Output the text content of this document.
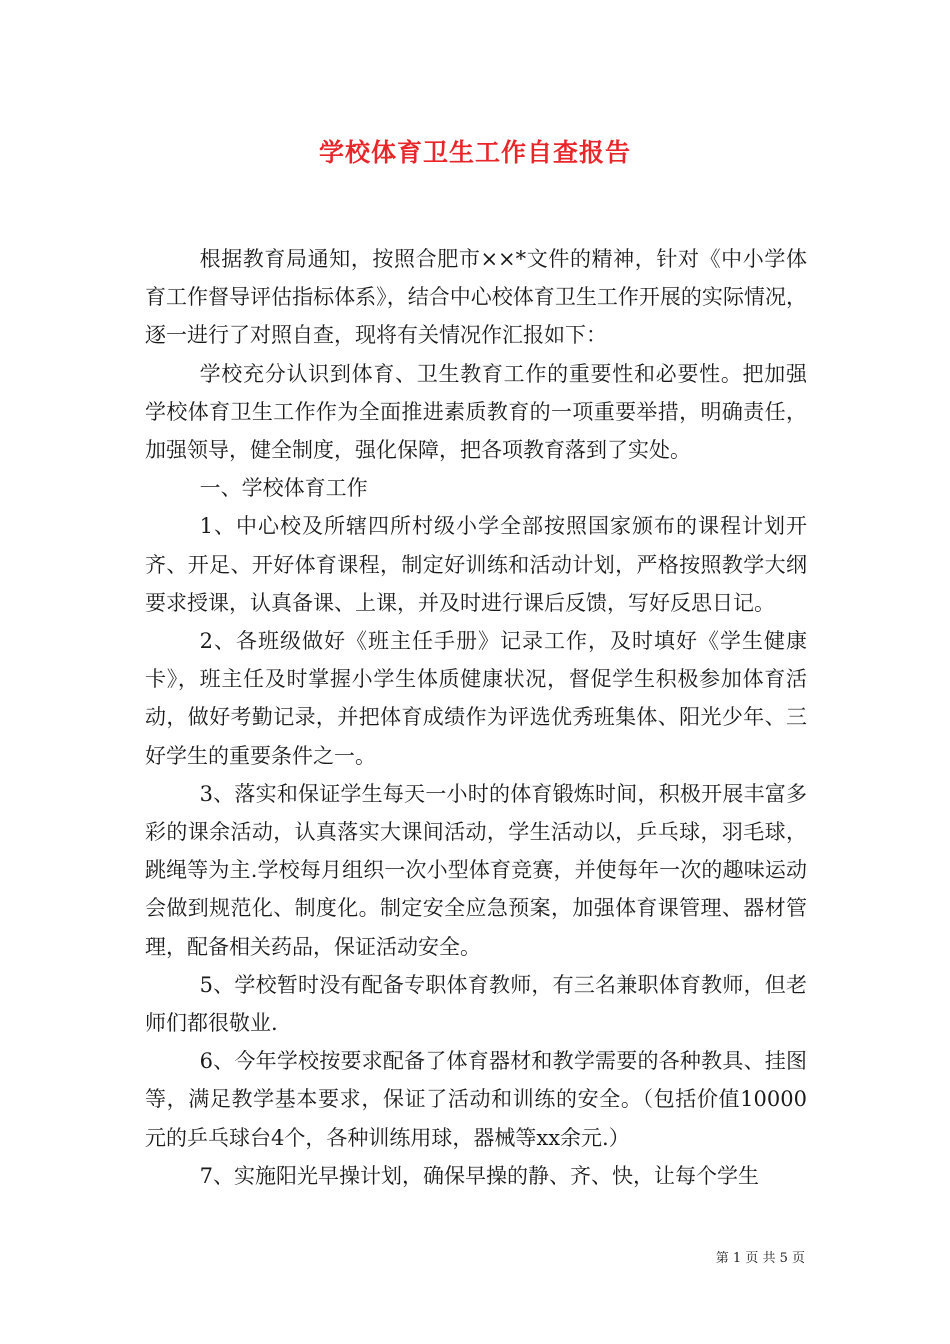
学校体育卫生工作自查报告

根据教育局通知，按照合肥市××*文件的精神，针对《中小学体育工作督导评估指标体系》，结合中心校体育卫生工作开展的实际情况，逐一进行了对照自查，现将有关情况作汇报如下：

学校充分认识到体育、卫生教育工作的重要性和必要性。把加强学校体育卫生工作作为全面推进素质教育的一项重要举措，明确责任，加强领导，健全制度，强化保障，把各项教育落到了实处。

一、学校体育工作

1、中心校及所辖四所村级小学全部按照国家颁布的课程计划开齐、开足、开好体育课程，制定好训练和活动计划，严格按照教学大纲要求授课，认真备课、上课，并及时进行课后反馈，写好反思日记。

2、各班级做好《班主任手册》记录工作，及时填好《学生健康卡》，班主任及时掌握小学生体质健康状况，督促学生积极参加体育活动，做好考勤记录，并把体育成绩作为评选优秀班集体、阳光少年、三好学生的重要条件之一。

3、落实和保证学生每天一小时的体育锻炼时间，积极开展丰富多彩的课余活动，认真落实大课间活动，学生活动以，乒乓球，羽毛球，跳绳等为主.学校每月组织一次小型体育竞赛，并使每年一次的趣味运动会做到规范化、制度化。制定安全应急预案，加强体育课管理、器材管理，配备相关药品，保证活动安全。

5、学校暂时没有配备专职体育教师，有三名兼职体育教师，但老师们都很敬业.

6、今年学校按要求配备了体育器材和教学需要的各种教具、挂图等，满足教学基本要求，保证了活动和训练的安全。（包括价值10000元的乒乓球台4个，各种训练用球，器械等xx余元.）

7、实施阳光早操计划，确保早操的静、齐、快，让每个学生

第 1 页 共 5 页
